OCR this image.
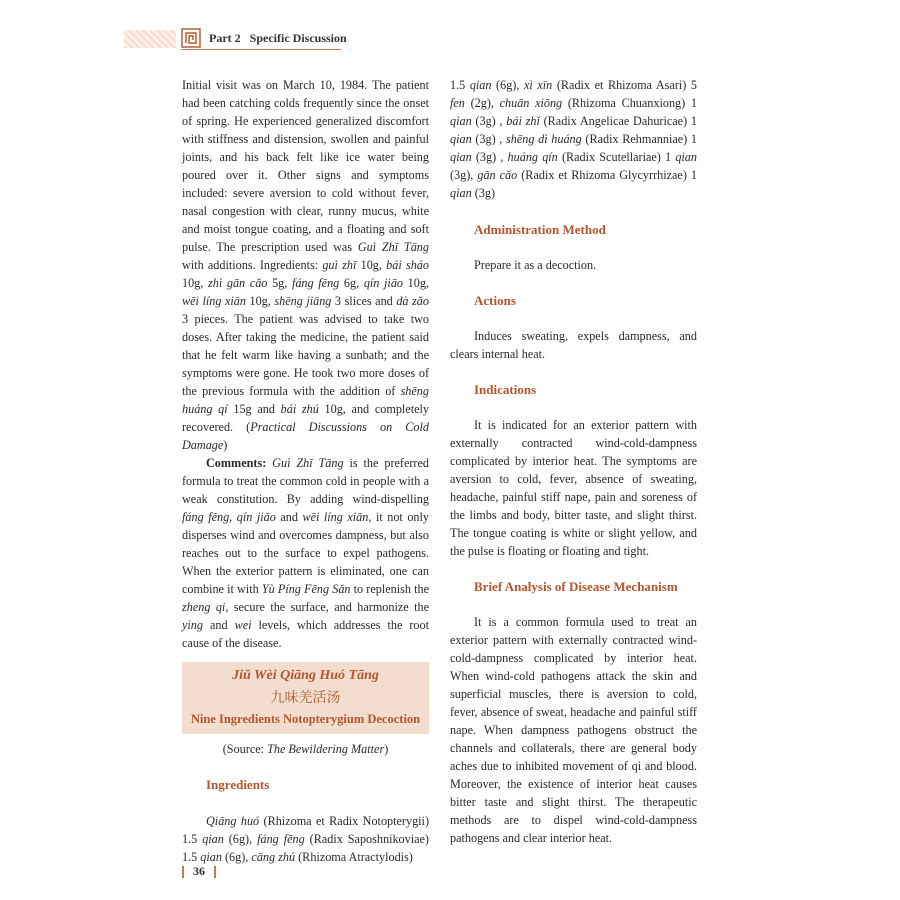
Part 2 Specific Discussion

Initial visit was on March 10, 1984. The patient had been catching colds frequently since the onset of spring. He experienced generalized discomfort with stiffness and distension, swollen and painful joints, and his back felt like ice water being poured over it. Other signs and symptoms included: severe aversion to cold without fever, nasal congestion with clear, runny mucus, white and moist tongue coating, and a floating and soft pulse. The prescription used was Guì Zhī Tāng with additions. Ingredients: guì zhī 10g, bái sháo 10g, zhì gān cǎo 5g, fáng fēng 6g, qín jiāo 10g, wēi líng xiān 10g, shēng jiāng 3 slices and dà zǎo 3 pieces. The patient was advised to take two doses. After taking the medicine, the patient said that he felt warm like having a sunbath; and the symptoms were gone. He took two more doses of the previous formula with the addition of shēng huáng qí 15g and bái zhú 10g, and completely recovered. (Practical Discussions on Cold Damage)

Comments: Guì Zhī Tāng is the preferred formula to treat the common cold in people with a weak constitution. By adding wind-dispelling fáng fēng, qín jiāo and wēi líng xiān, it not only disperses wind and overcomes dampness, but also reaches out to the surface to expel pathogens. When the exterior pattern is eliminated, one can combine it with Yù Píng Fēng Sǎn to replenish the zheng qi, secure the surface, and harmonize the ying and wei levels, which addresses the root cause of the disease.

Jiǔ Wèi Qiāng Huó Tāng
九味羌活汤
Nine Ingredients Notopterygium Decoction

(Source: The Bewildering Matter)

Ingredients

Qiāng huó (Rhizoma et Radix Notopterygii) 1.5 qian (6g), fáng fēng (Radix Saposhnikoviae) 1.5 qian (6g), cāng zhú (Rhizoma Atractylodis)

1.5 qian (6g), xì xīn (Radix et Rhizoma Asari) 5 fen (2g), chuān xiōng (Rhizoma Chuanxiong) 1 qian (3g) , bái zhǐ (Radix Angelicae Dahuricae) 1 qian (3g) , shēng dì huáng (Radix Rehmanniae) 1 qian (3g) , huáng qín (Radix Scutellariae) 1 qian (3g), gān cǎo (Radix et Rhizoma Glycyrrhizae) 1 qian (3g)

Administration Method

Prepare it as a decoction.

Actions

Induces sweating, expels dampness, and clears internal heat.

Indications

It is indicated for an exterior pattern with externally contracted wind-cold-dampness complicated by interior heat. The symptoms are aversion to cold, fever, absence of sweating, headache, painful stiff nape, pain and soreness of the limbs and body, bitter taste, and slight thirst. The tongue coating is white or slight yellow, and the pulse is floating or floating and tight.

Brief Analysis of Disease Mechanism

It is a common formula used to treat an exterior pattern with externally contracted wind-cold-dampness complicated by interior heat. When wind-cold pathogens attack the skin and superficial muscles, there is aversion to cold, fever, absence of sweat, headache and painful stiff nape. When dampness pathogens obstruct the channels and collaterals, there are general body aches due to inhibited movement of qi and blood. Moreover, the existence of interior heat causes bitter taste and slight thirst. The therapeutic methods are to dispel wind-cold-dampness pathogens and clear interior heat.

36
